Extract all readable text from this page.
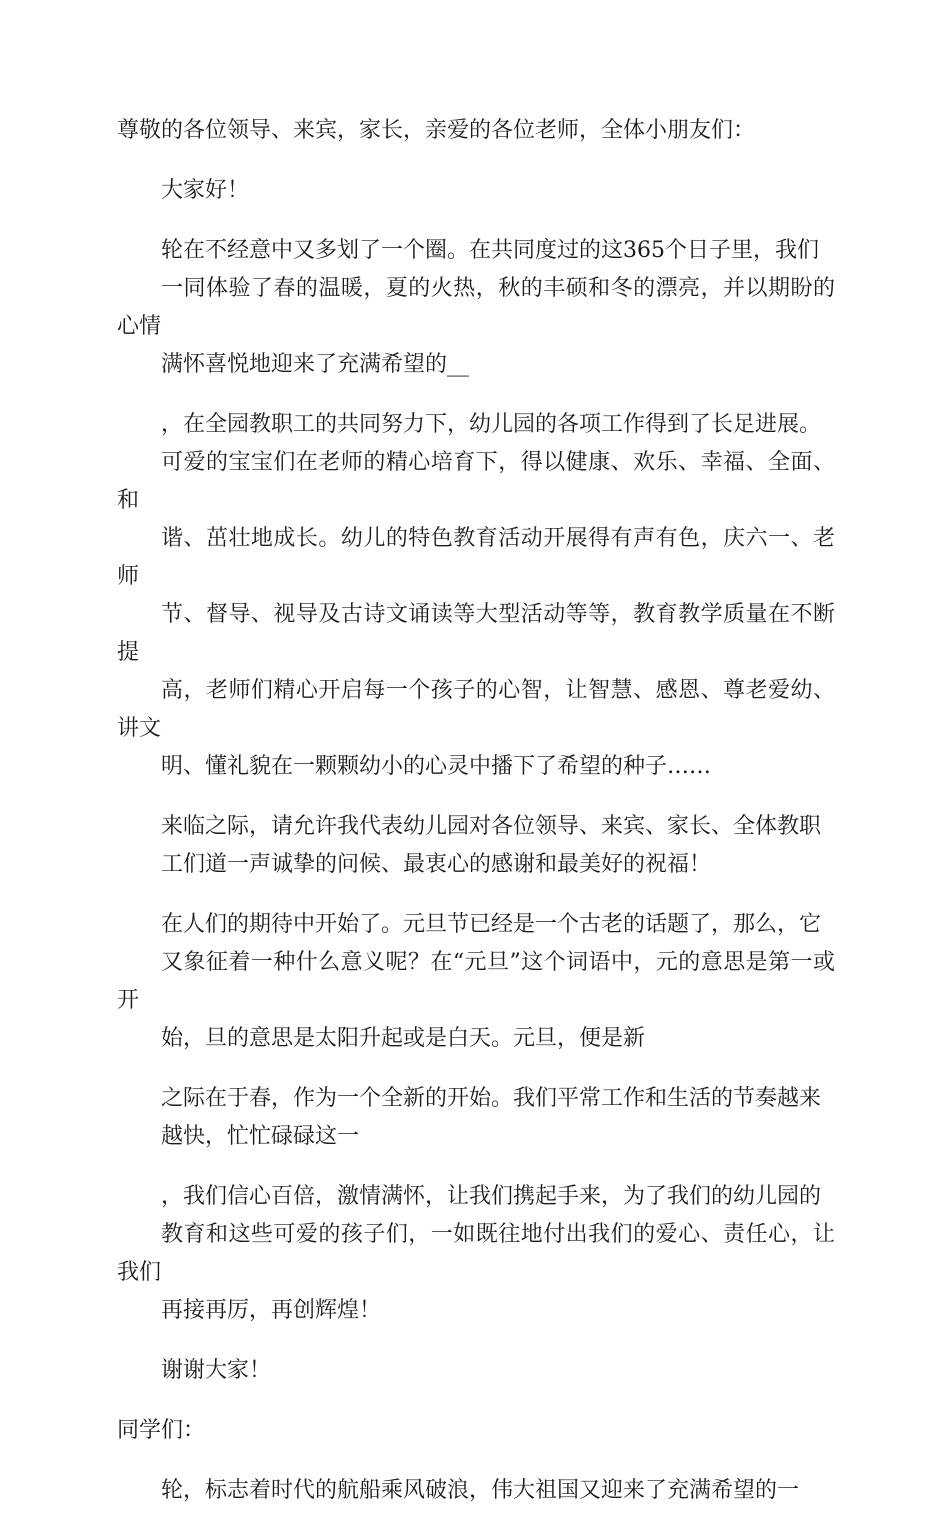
尊敬的各位领导、来宾，家长，亲爱的各位老师，全体小朋友们：

大家好！

轮在不经意中又多划了一个圈。在共同度过的这365个日子里，我们
一同体验了春的温暖，夏的火热，秋的丰硕和冬的漂亮，并以期盼的心情
满怀喜悦地迎来了充满希望的__

，在全园教职工的共同努力下，幼儿园的各项工作得到了长足进展。
可爱的宝宝们在老师的精心培育下，得以健康、欢乐、幸福、全面、和
谐、茁壮地成长。幼儿的特色教育活动开展得有声有色，庆六一、老师
节、督导、视导及古诗文诵读等大型活动等等，教育教学质量在不断提
高，老师们精心开启每一个孩子的心智，让智慧、感恩、尊老爱幼、讲文
明、懂礼貌在一颗颗幼小的心灵中播下了希望的种子……

来临之际，请允许我代表幼儿园对各位领导、来宾、家长、全体教职
工们道一声诚挚的问候、最衷心的感谢和最美好的祝福！

在人们的期待中开始了。元旦节已经是一个古老的话题了，那么，它
又象征着一种什么意义呢？在“元旦”这个词语中，元的意思是第一或开
始，旦的意思是太阳升起或是白天。元旦，便是新

之际在于春，作为一个全新的开始。我们平常工作和生活的节奏越来
越快，忙忙碌碌这一

，我们信心百倍，激情满怀，让我们携起手来，为了我们的幼儿园的
教育和这些可爱的孩子们，一如既往地付出我们的爱心、责任心，让我们
再接再厉，再创辉煌！

谢谢大家！

同学们：

轮，标志着时代的航船乘风破浪，伟大祖国又迎来了充满希望的一
